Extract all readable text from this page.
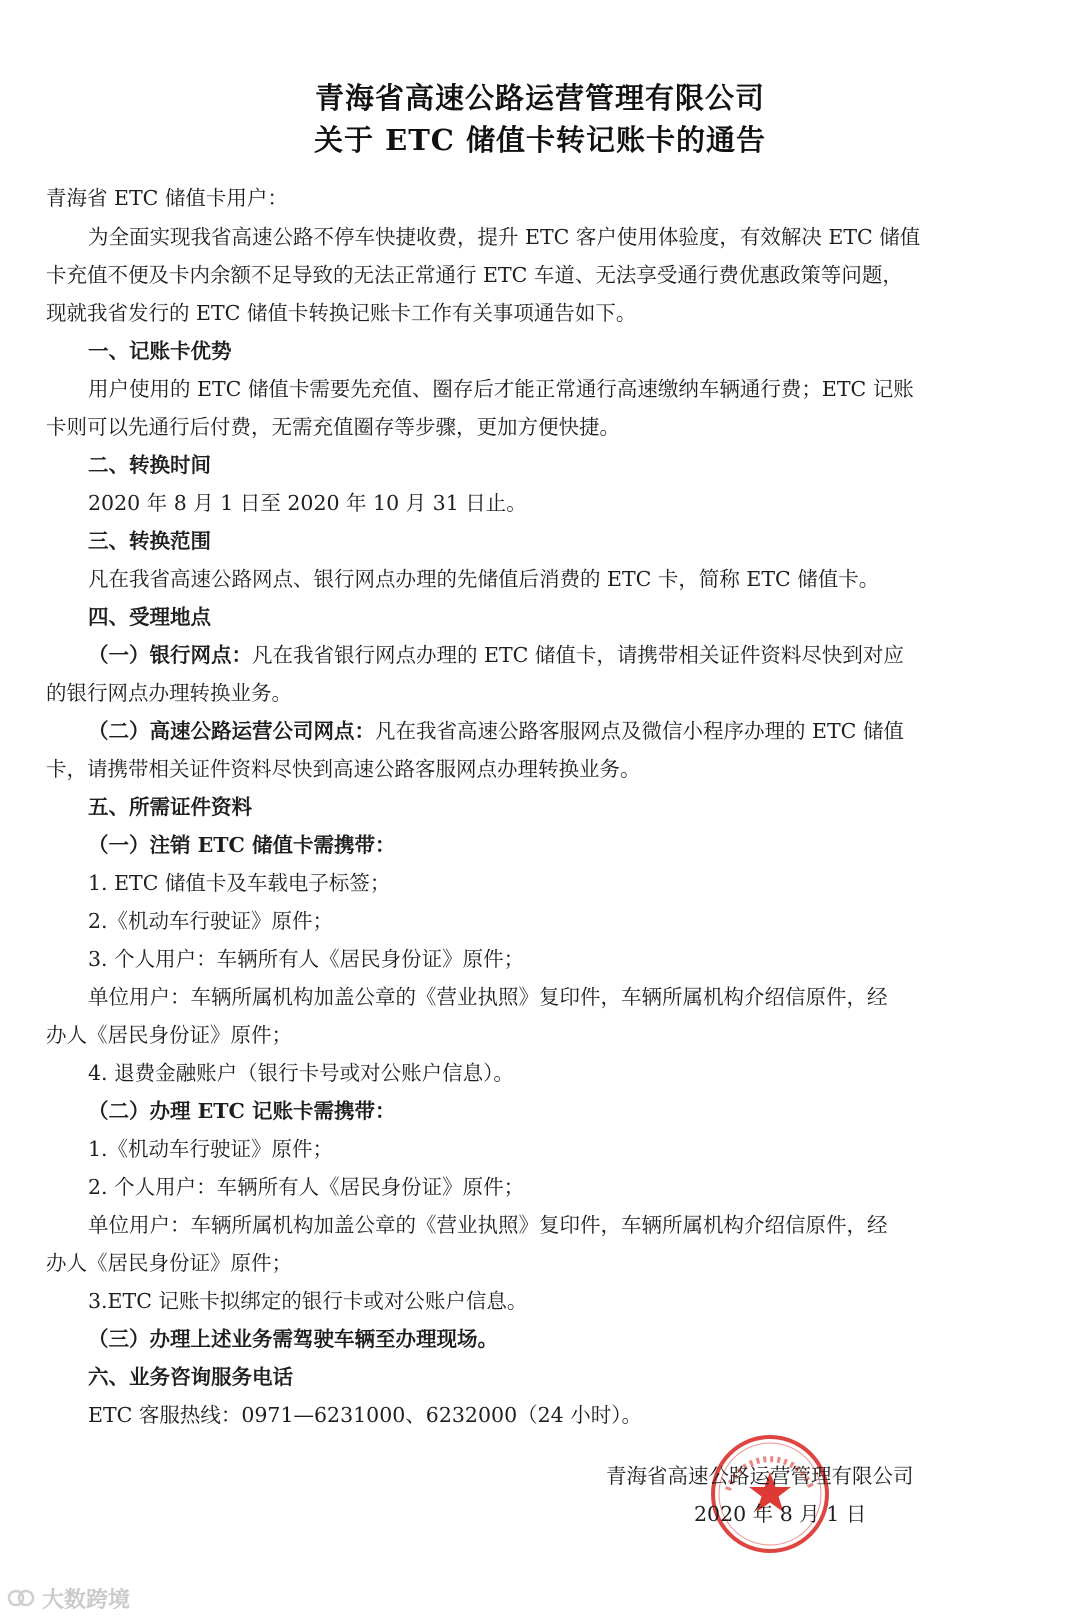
青海省高速公路运营管理有限公司
关于 ETC 储值卡转记账卡的通告
青海省 ETC 储值卡用户：
为全面实现我省高速公路不停车快捷收费，提升 ETC 客户使用体验度，有效解决 ETC 储值
卡充值不便及卡内余额不足导致的无法正常通行 ETC 车道、无法享受通行费优惠政策等问题，
现就我省发行的 ETC 储值卡转换记账卡工作有关事项通告如下。
一、记账卡优势
用户使用的 ETC 储值卡需要先充值、圈存后才能正常通行高速缴纳车辆通行费；ETC 记账
卡则可以先通行后付费，无需充值圈存等步骤，更加方便快捷。
二、转换时间
2020 年 8 月 1 日至 2020 年 10 月 31 日止。
三、转换范围
凡在我省高速公路网点、银行网点办理的先储值后消费的 ETC 卡，简称 ETC 储值卡。
四、受理地点
（一）银行网点：凡在我省银行网点办理的 ETC 储值卡，请携带相关证件资料尽快到对应
的银行网点办理转换业务。
（二）高速公路运营公司网点：凡在我省高速公路客服网点及微信小程序办理的 ETC 储值
卡，请携带相关证件资料尽快到高速公路客服网点办理转换业务。
五、所需证件资料
（一）注销 ETC 储值卡需携带：
1. ETC 储值卡及车载电子标签；
2.《机动车行驶证》原件；
3. 个人用户：车辆所有人《居民身份证》原件；
单位用户：车辆所属机构加盖公章的《营业执照》复印件，车辆所属机构介绍信原件，经
办人《居民身份证》原件；
4. 退费金融账户（银行卡号或对公账户信息）。
（二）办理 ETC 记账卡需携带：
1.《机动车行驶证》原件；
2. 个人用户：车辆所有人《居民身份证》原件；
单位用户：车辆所属机构加盖公章的《营业执照》复印件，车辆所属机构介绍信原件，经
办人《居民身份证》原件；
3.ETC 记账卡拟绑定的银行卡或对公账户信息。
（三）办理上述业务需驾驶车辆至办理现场。
六、业务咨询服务电话
ETC 客服热线：0971—6231000、6232000（24 小时）。
青海省高速公路运营管理有限公司
2020 年 8 月 1 日
大数跨境
